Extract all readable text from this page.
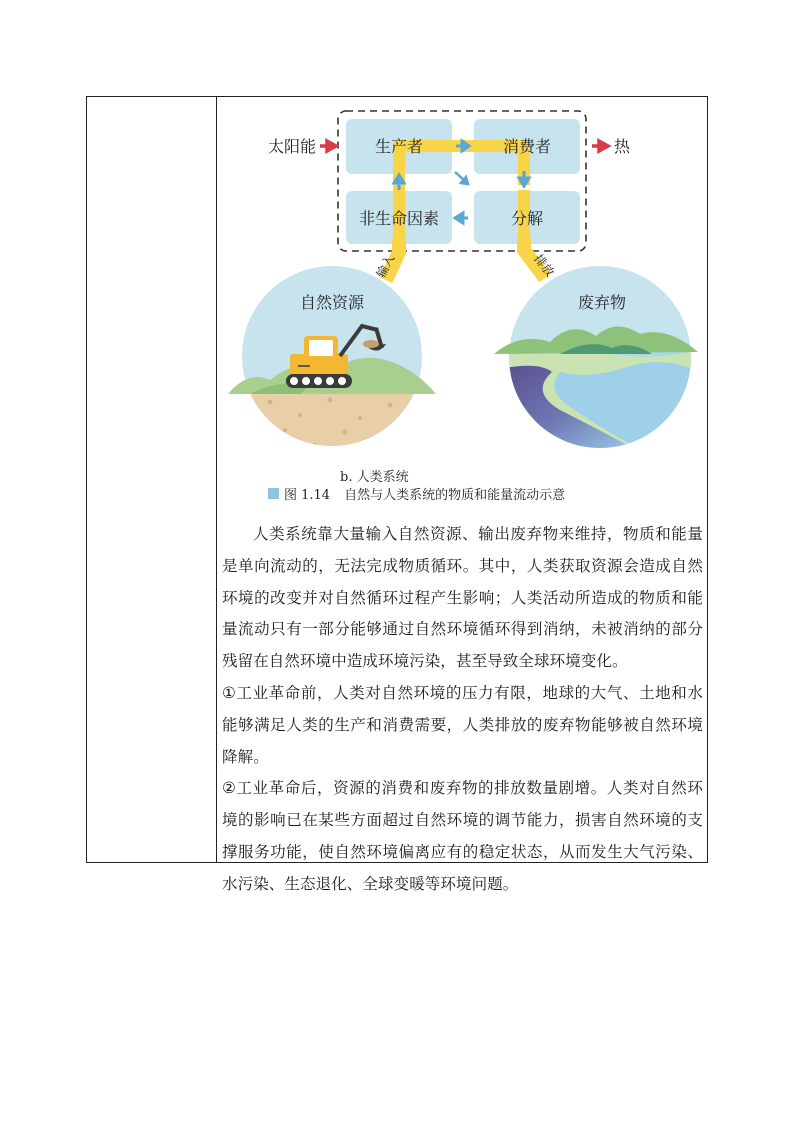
太阳能	热
生产者	消费者
非生命因素	分解
输入	排放
自然资源	废弃物
b. 人类系统
图 1.14 自然与人类系统的物质和能量流动示意

人类系统靠大量输入自然资源、输出废弃物来维持，物质和能量是单向流动的，无法完成物质循环。其中，人类获取资源会造成自然环境的改变并对自然循环过程产生影响；人类活动所造成的物质和能量流动只有一部分能够通过自然环境循环得到消纳，未被消纳的部分残留在自然环境中造成环境污染，甚至导致全球环境变化。

①工业革命前，人类对自然环境的压力有限，地球的大气、土地和水能够满足人类的生产和消费需要，人类排放的废弃物能够被自然环境降解。

②工业革命后，资源的消费和废弃物的排放数量剧增。人类对自然环境的影响已在某些方面超过自然环境的调节能力，损害自然环境的支撑服务功能，使自然环境偏离应有的稳定状态，从而发生大气污染、水污染、生态退化、全球变暖等环境问题。
